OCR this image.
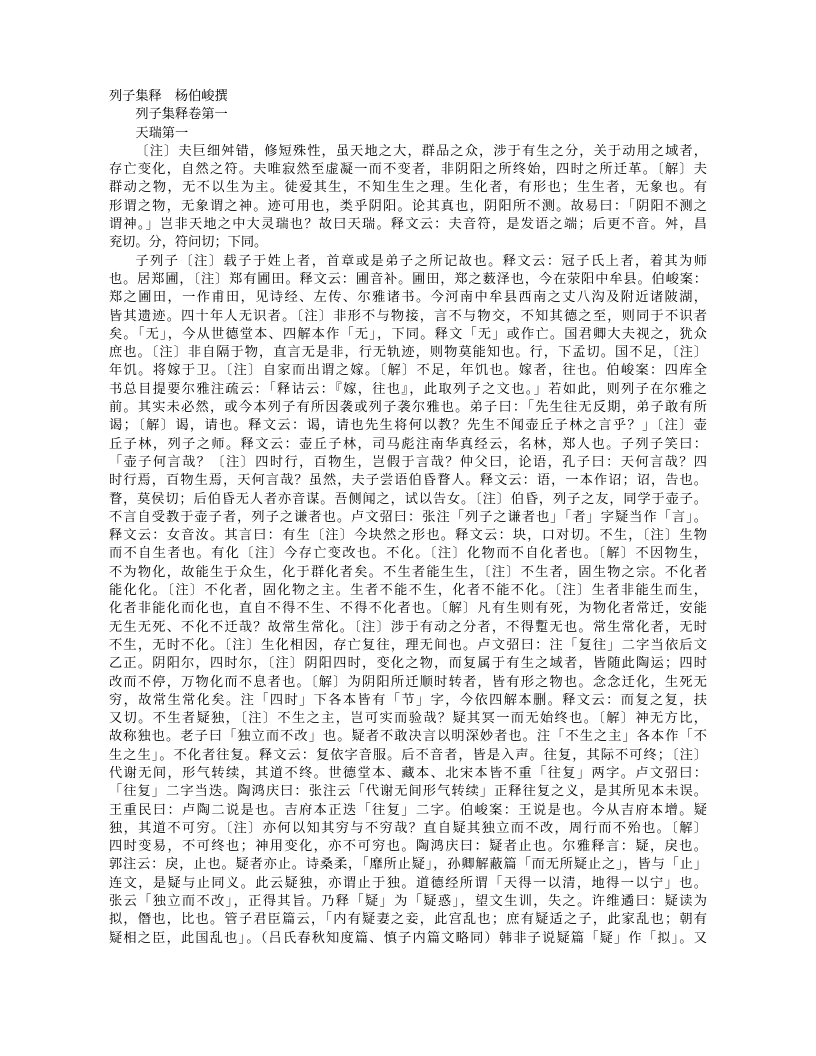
列子集释　杨伯峻撰
列子集释卷第一
天瑞第一
〔注〕夫巨细舛错，修短殊性，虽天地之大，群品之众，涉于有生之分，关于动用之域者，
存亡变化，自然之符。夫唯寂然至虚凝一而不变者，非阴阳之所终始，四时之所迁革。〔解〕夫
群动之物，无不以生为主。徒爱其生，不知生生之理。生化者，有形也；生生者，无象也。有
形谓之物，无象谓之神。迹可用也，类乎阴阳。论其真也，阴阳所不测。故易曰：「阴阳不测之
谓神。」岂非天地之中大灵瑞也？故曰天瑞。释文云：夫音符，是发语之端；后更不音。舛，昌
兖切。分，符问切；下同。
子列子〔注〕载子于姓上者，首章或是弟子之所记故也。释文云：冠子氏上者，着其为师
也。居郑圃，〔注〕郑有圃田。释文云：圃音补。圃田，郑之薮泽也，今在荥阳中牟县。伯峻案：
郑之圃田，一作甫田，见诗经、左传、尔雅诸书。今河南中牟县西南之丈八沟及附近诸陂湖，
皆其遗迹。四十年人无识者。〔注〕非形不与物接，言不与物交，不知其德之至，则同于不识者
矣。「无」，今从世德堂本、四解本作「无」，下同。释文「无」或作亡。国君卿大夫视之，犹众
庶也。〔注〕非自隔于物，直言无是非，行无轨迹，则物莫能知也。行，下孟切。国不足，〔注〕
年饥。将嫁于卫。〔注〕自家而出谓之嫁。〔解〕不足，年饥也。嫁者，往也。伯峻案：四库全
书总目提要尔雅注疏云：「释诂云：『嫁，往也』，此取列子之文也。」若如此，则列子在尔雅之
前。其实未必然，或今本列子有所因袭或列子袭尔雅也。弟子曰：「先生往无反期，弟子敢有所
谒；〔解〕谒，请也。释文云：谒，请也先生将何以教？先生不闻壶丘子林之言乎？」〔注〕壶
丘子林，列子之师。释文云：壶丘子林，司马彪注南华真经云，名林，郑人也。子列子笑曰：
「壶子何言哉？〔注〕四时行，百物生，岂假于言哉？仲父曰，论语，孔子曰：天何言哉？四
时行焉，百物生焉，天何言哉？虽然，夫子尝语伯昏瞀人。释文云：语，一本作诏；诏，告也。
瞀，莫侯切；后伯昏无人者亦音谋。吾侧闻之，试以告女。〔注〕伯昏，列子之友，同学于壶子。
不言自受教于壶子者，列子之谦者也。卢文弨曰：张注「列子之谦者也」「者」字疑当作「言」。
释文云：女音汝。其言曰：有生〔注〕今块然之形也。释文云：块，口对切。不生，〔注〕生物
而不自生者也。有化〔注〕今存亡变改也。不化。〔注〕化物而不自化者也。〔解〕不因物生，
不为物化，故能生于众生，化于群化者矣。不生者能生生，〔注〕不生者，固生物之宗。不化者
能化化。〔注〕不化者，固化物之主。生者不能不生，化者不能不化。〔注〕生者非能生而生，
化者非能化而化也，直自不得不生、不得不化者也。〔解〕凡有生则有死，为物化者常迁，安能
无生无死、不化不迁哉？故常生常化。〔注〕涉于有动之分者，不得蹔无也。常生常化者，无时
不生，无时不化。〔注〕生化相因，存亡复往，理无间也。卢文弨曰：注「复往」二字当依后文
乙正。阴阳尔，四时尔，〔注〕阴阳四时，变化之物，而复属于有生之域者，皆随此陶运；四时
改而不停，万物化而不息者也。〔解〕为阴阳所迁顺时转者，皆有形之物也。念念迁化，生死无
穷，故常生常化矣。注「四时」下各本皆有「节」字，今依四解本删。释文云：而复之复，扶
又切。不生者疑独，〔注〕不生之主，岂可实而验哉？疑其冥一而无始终也。〔解〕神无方比，
故称独也。老子曰「独立而不改」也。疑者不敢决言以明深妙者也。注「不生之主」各本作「不
生之生」。不化者往复。释文云：复依字音服。后不音者，皆是入声。往复，其际不可终；〔注〕
代谢无间，形气转续，其道不终。世德堂本、藏本、北宋本皆不重「往复」两字。卢文弨曰：
「往复」二字当迭。陶鸿庆曰：张注云「代谢无间形气转续」正释往复之义，是其所见本未误。
王重民曰：卢陶二说是也。吉府本正迭「往复」二字。伯峻案：王说是也。今从吉府本增。疑
独，其道不可穷。〔注〕亦何以知其穷与不穷哉？直自疑其独立而不改，周行而不殆也。〔解〕
四时变易，不可终也；神用变化，亦不可穷也。陶鸿庆曰：疑者止也。尔雅释言：疑，戾也。
郭注云：戾，止也。疑者亦止。诗桑柔，「靡所止疑」，孙卿解蔽篇「而无所疑止之」，皆与「止」
连文，是疑与止同义。此云疑独，亦谓止于独。道德经所谓「天得一以清，地得一以宁」也。
张云「独立而不改」，正得其旨。乃释「疑」为「疑惑」，望文生训，失之。许维遹曰：疑读为
拟，僭也，比也。管子君臣篇云，「内有疑妻之妾，此宫乱也；庶有疑适之子，此家乱也；朝有
疑相之臣，此国乱也」。（吕氏春秋知度篇、慎子内篇文略同）韩非子说疑篇「疑」作「拟」。又
